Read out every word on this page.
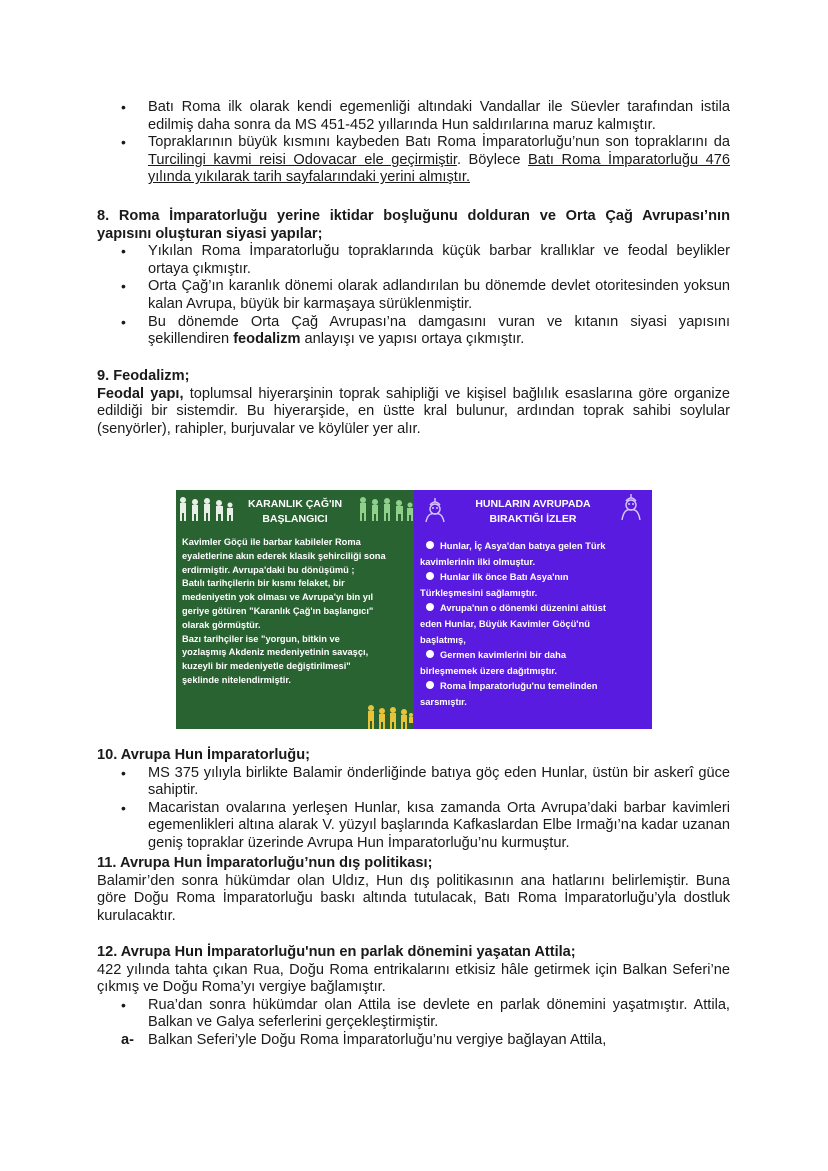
• Batı Roma ilk olarak kendi egemenliği altındaki Vandallar ile Süevler tarafından istila edilmiş daha sonra da MS 451-452 yıllarında Hun saldırılarına maruz kalmıştır.
• Topraklarının büyük kısmını kaybeden Batı Roma İmparatorluğu’nun son topraklarını da Turcilingi kavmi reisi Odovacar ele geçirmiştir. Böylece Batı Roma İmparatorluğu 476 yılında yıkılarak tarih sayfalarındaki yerini almıştır.
8. Roma İmparatorluğu yerine iktidar boşluğunu dolduran ve Orta Çağ Avrupası’nın yapısını oluşturan siyasi yapılar;
• Yıkılan Roma İmparatorluğu topraklarında küçük barbar krallıklar ve feodal beylikler ortaya çıkmıştır.
• Orta Çağ’ın karanlık dönemi olarak adlandırılan bu dönemde devlet otoritesinden yoksun kalan Avrupa, büyük bir karmaşaya sürüklenmiştir.
• Bu dönemde Orta Çağ Avrupası’na damgasını vuran ve kıtanın siyasi yapısını şekillendiren feodalizm anlayışı ve yapısı ortaya çıkmıştır.
9. Feodalizm;
Feodal yapı, toplumsal hiyerarşinin toprak sahipliği ve kişisel bağlılık esaslarına göre organize edildiği bir sistemdir. Bu hiyerarşide, en üstte kral bulunur, ardından toprak sahibi soylular (senyörler), rahipler, burjuvalar ve köylüler yer alır.
KARANLIK ÇAĞ'IN
BAŞLANGICI
Kavimler Göçü ile barbar kabileler Roma
eyaletlerine akın ederek klasik şehirciliği sona
erdirmiştir. Avrupa'daki bu dönüşümü ;
Batılı tarihçilerin bir kısmı felaket, bir
medeniyetin yok olması ve Avrupa'yı bin yıl
geriye götüren "Karanlık Çağ'ın başlangıcı"
olarak görmüştür.
Bazı tarihçiler ise "yorgun, bitkin ve
yozlaşmış Akdeniz medeniyetinin savaşçı,
kuzeyli bir medeniyetle değiştirilmesi"
şeklinde nitelendirmiştir.
HUNLARIN AVRUPADA
BIRAKTIĞI İZLER
Hunlar, İç Asya'dan batıya gelen Türk
kavimlerinin ilki olmuştur.
Hunlar ilk önce Batı Asya'nın
Türkleşmesini sağlamıştır.
Avrupa'nın o dönemki düzenini altüst
eden Hunlar, Büyük Kavimler Göçü'nü
başlatmış,
Germen kavimlerini bir daha
birleşmemek üzere dağıtmıştır.
Roma İmparatorluğu'nu temelinden
sarsmıştır.
10. Avrupa Hun İmparatorluğu;
• MS 375 yılıyla birlikte Balamir önderliğinde batıya göç eden Hunlar, üstün bir askerî güce sahiptir.
• Macaristan ovalarına yerleşen Hunlar, kısa zamanda Orta Avrupa’daki barbar kavimleri egemenlikleri altına alarak V. yüzyıl başlarında Kafkaslardan Elbe Irmağı’na kadar uzanan geniş topraklar üzerinde Avrupa Hun İmparatorluğu’nu kurmuştur.
11. Avrupa Hun İmparatorluğu’nun dış politikası;
Balamir’den sonra hükümdar olan Uldız, Hun dış politikasının ana hatlarını belirlemiştir. Buna göre Doğu Roma İmparatorluğu baskı altında tutulacak, Batı Roma İmparatorluğu’yla dostluk kurulacaktır.
12. Avrupa Hun İmparatorluğu'nun en parlak dönemini yaşatan Attila;
422 yılında tahta çıkan Rua, Doğu Roma entrikalarını etkisiz hâle getirmek için Balkan Seferi’ne çıkmış ve Doğu Roma’yı vergiye bağlamıştır.
• Rua’dan sonra hükümdar olan Attila ise devlete en parlak dönemini yaşatmıştır. Attila, Balkan ve Galya seferlerini gerçekleştirmiştir.
a- Balkan Seferi’yle Doğu Roma İmparatorluğu’nu vergiye bağlayan Attila,
